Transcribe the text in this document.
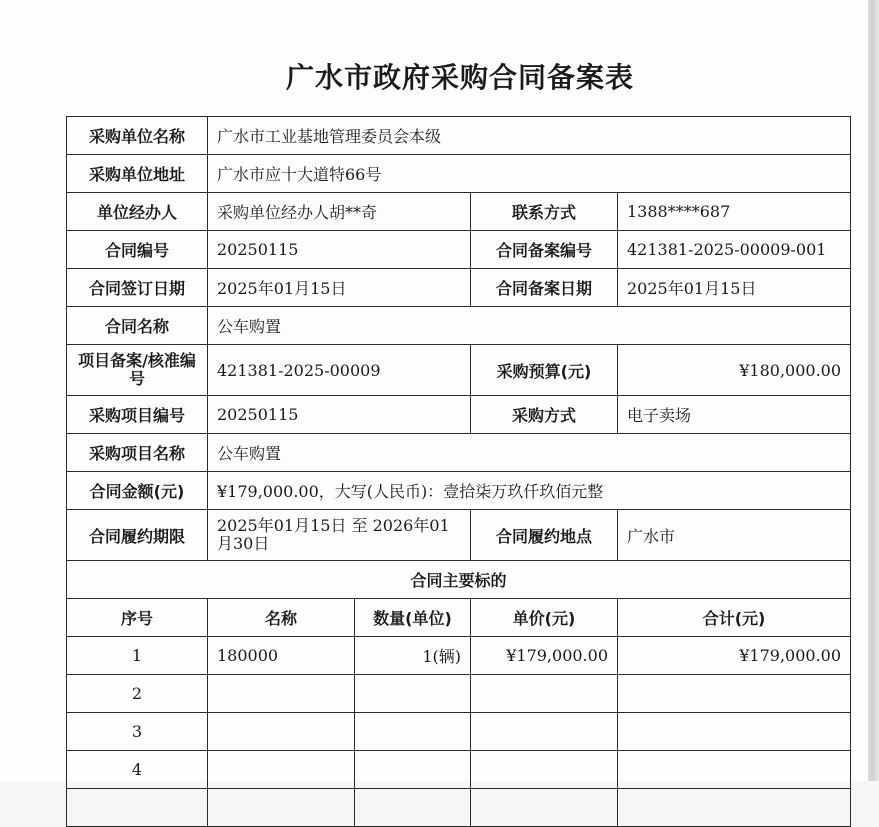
广水市政府采购合同备案表
采购单位名称	广水市工业基地管理委员会本级			
采购单位地址	广水市应十大道特66号			
单位经办人	采购单位经办人胡**奇		联系方式	1388****687
合同编号	20250115		合同备案编号	421381-2025-00009-001
合同签订日期	2025年01月15日		合同备案日期	2025年01月15日
合同名称	公车购置			
项目备案/核准编号	421381-2025-00009		采购预算(元)	¥180,000.00
采购项目编号	20250115		采购方式	电子卖场
采购项目名称	公车购置			
合同金额(元)	¥179,000.00，大写(人民币)：壹拾柒万玖仟玖佰元整			
合同履约期限	2025年01月15日 至 2026年01月30日		合同履约地点	广水市
合同主要标的				
序号	名称	数量(单位)	单价(元)	合计(元)
1	180000	1(辆)	¥179,000.00	¥179,000.00
2				
3				
4				
